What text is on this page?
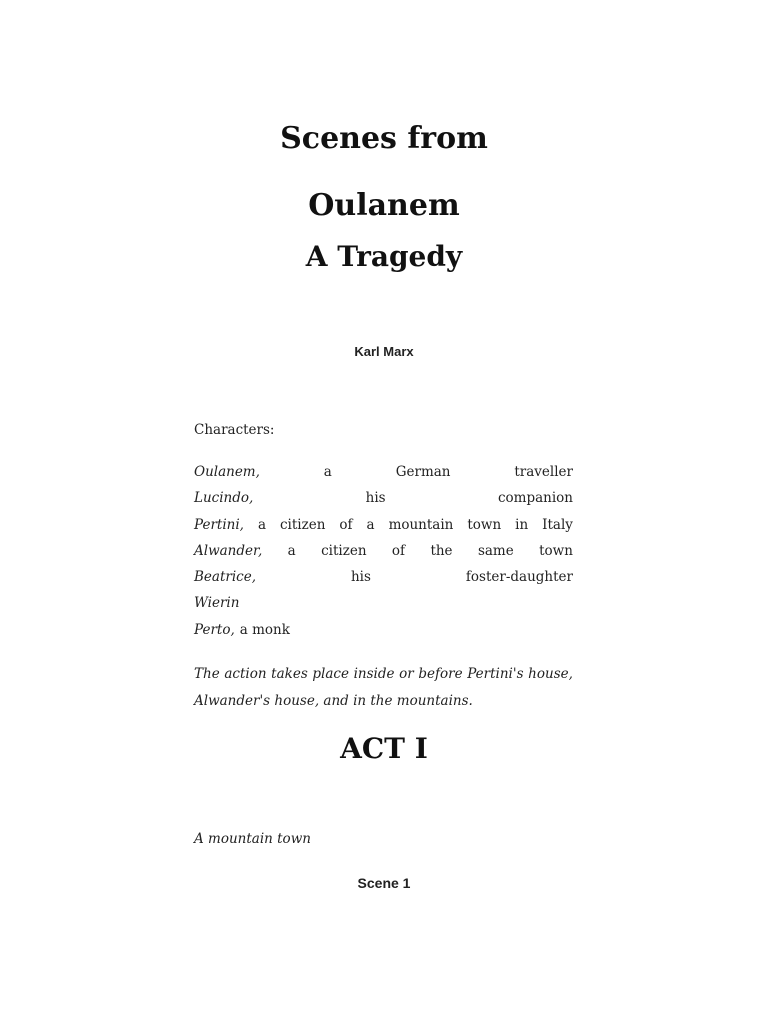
Scenes from
Oulanem
A Tragedy
Karl Marx
Characters:
Oulanem,	a	German	traveller
Lucindo,	his	companion
Pertini, a citizen of a mountain town in Italy
Alwander, a citizen of the same town
Beatrice,	his	foster-daughter
Wierin
Perto, a monk
The action takes place inside or before Pertini's house,
Alwander's house, and in the mountains.
ACT I
A mountain town
Scene 1
